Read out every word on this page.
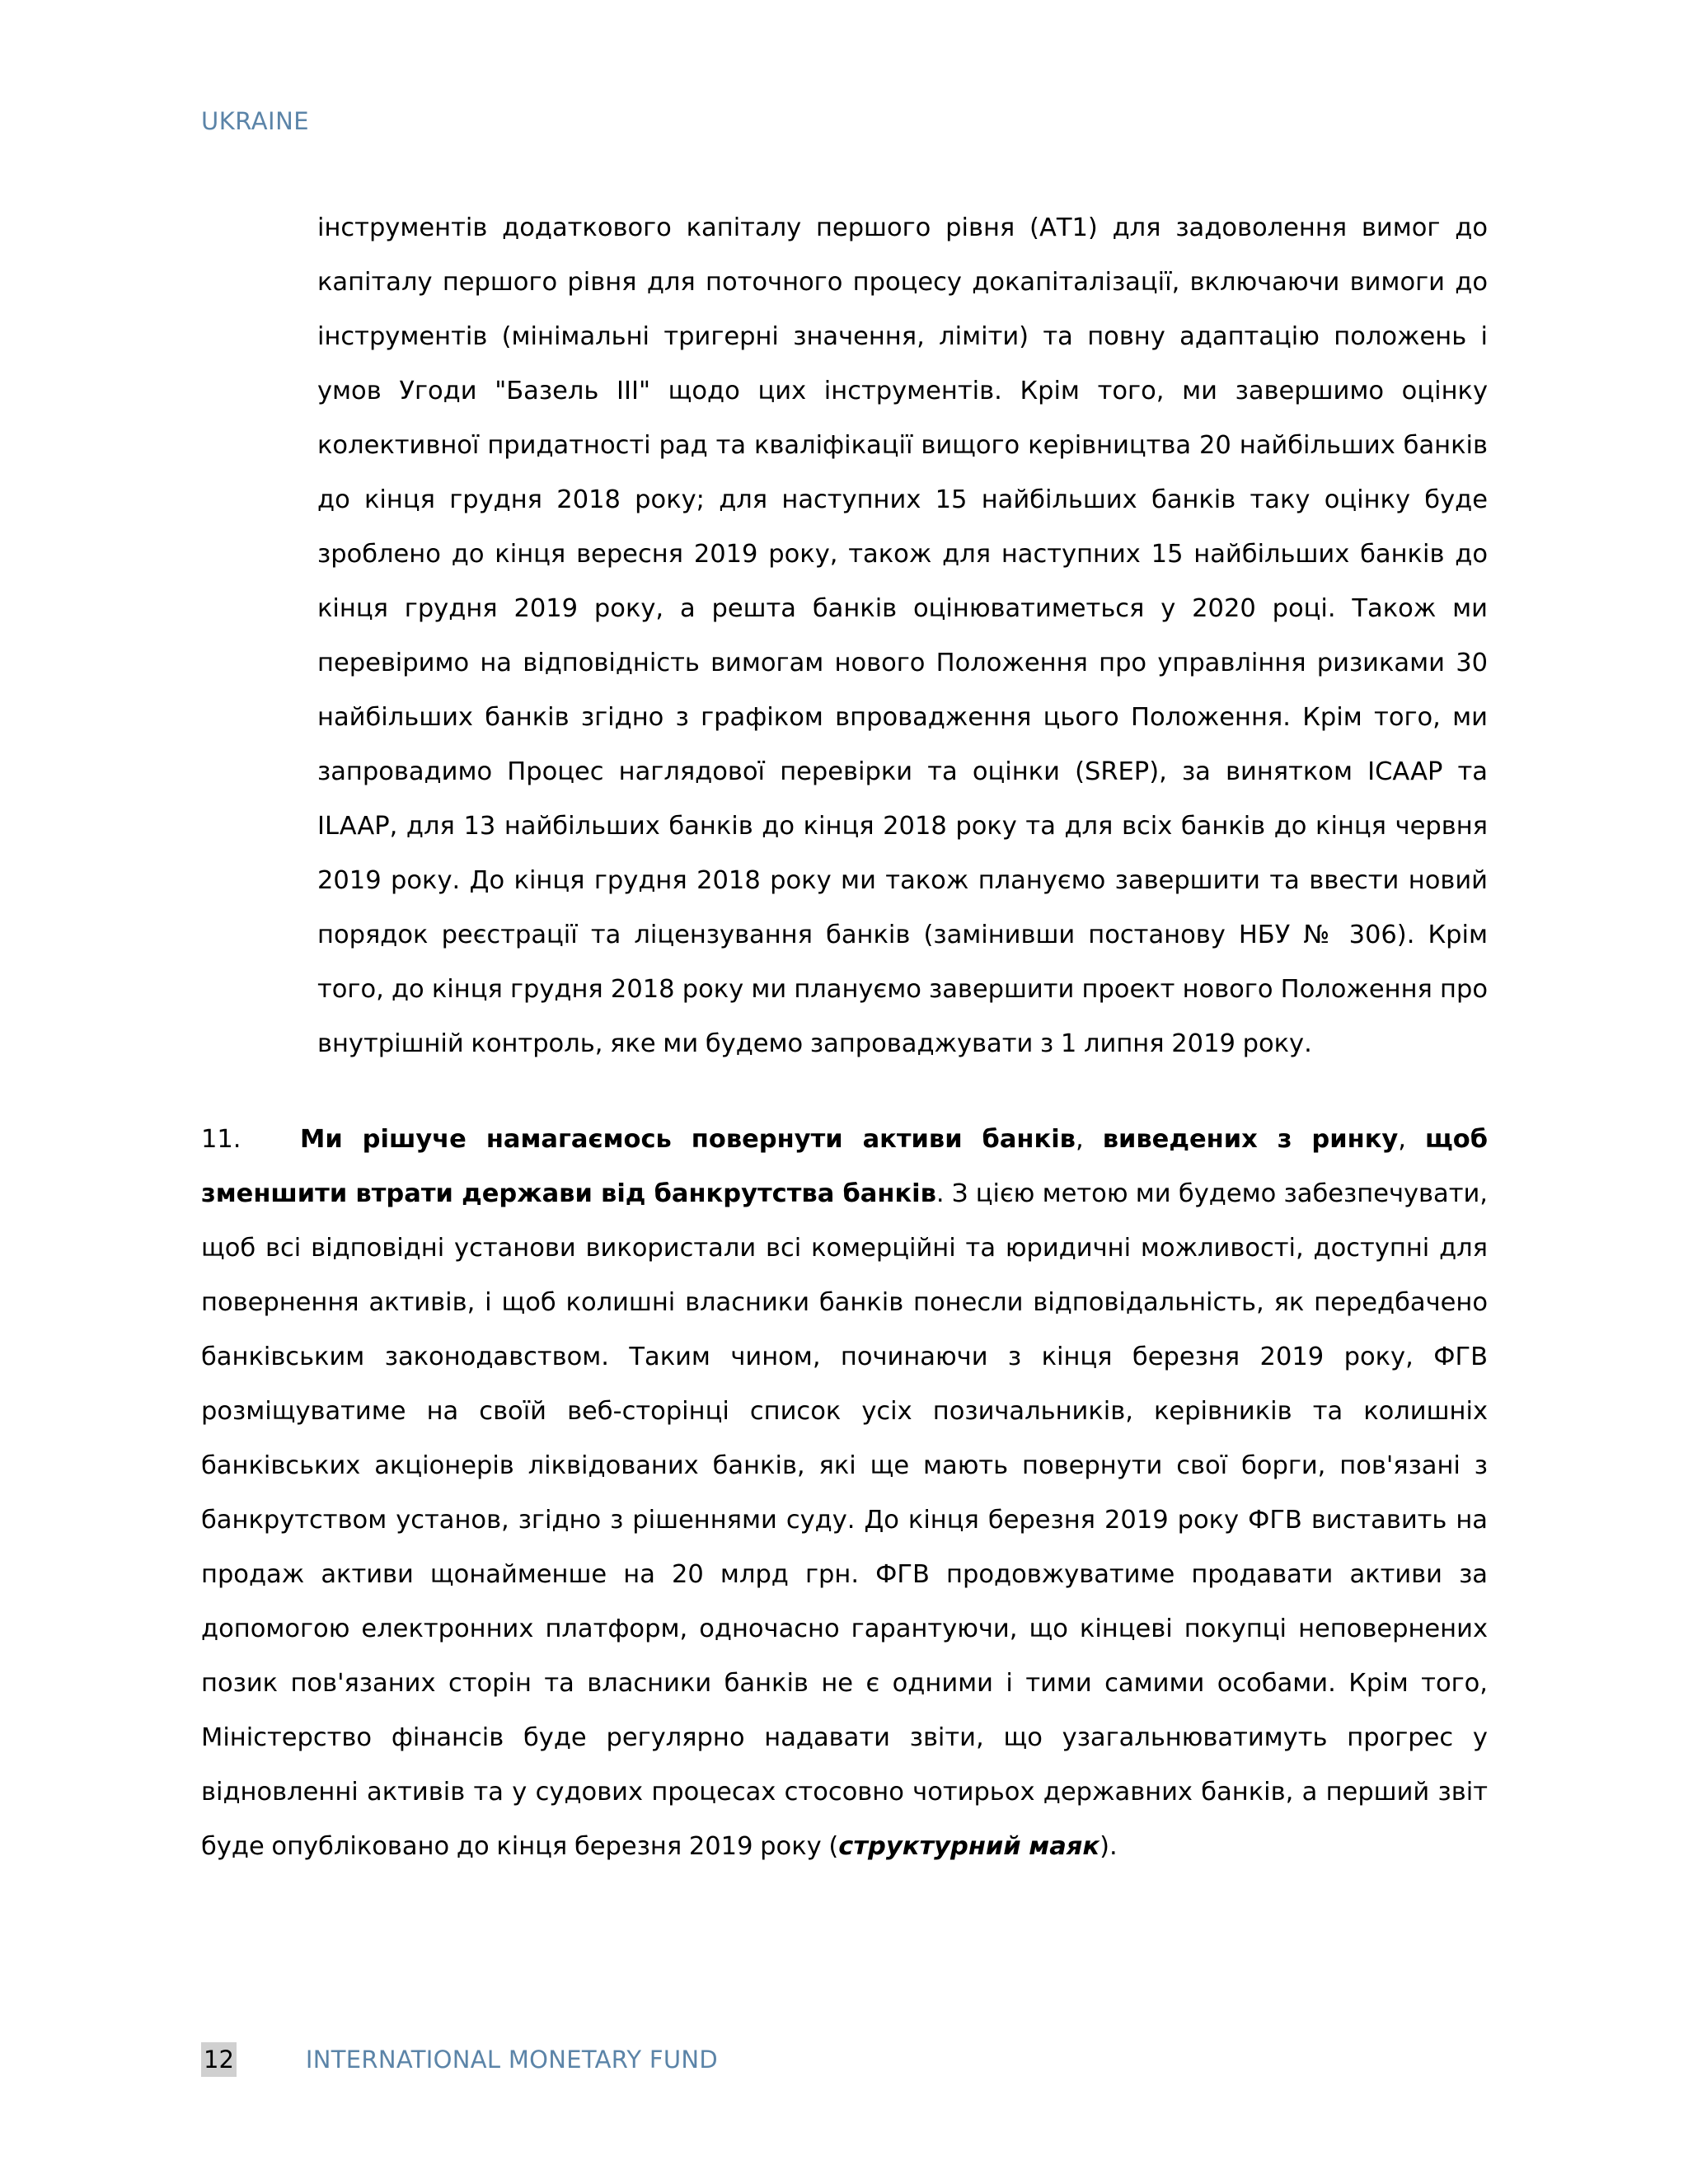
UKRAINE

інструментів додаткового капіталу першого рівня (АТ1) для задоволення вимог до капіталу першого рівня для поточного процесу докапіталізації, включаючи вимоги до інструментів (мінімальні тригерні значення, ліміти) та повну адаптацію положень і умов Угоди "Базель ІІІ" щодо цих інструментів. Крім того, ми завершимо оцінку колективної придатності рад та кваліфікації вищого керівництва 20 найбільших банків до кінця грудня 2018 року; для наступних 15 найбільших банків таку оцінку буде зроблено до кінця вересня 2019 року, також для наступних 15 найбільших банків до кінця грудня 2019 року, а решта банків оцінюватиметься у 2020 році. Також ми перевіримо на відповідність вимогам нового Положення про управління ризиками 30 найбільших банків згідно з графіком впровадження цього Положення. Крім того, ми запровадимо Процес наглядової перевірки та оцінки (SREP), за винятком ICAAP та ILAAP, для 13 найбільших банків до кінця 2018 року та для всіх банків до кінця червня 2019 року. До кінця грудня 2018 року ми також плануємо завершити та ввести новий порядок реєстрації та ліцензування банків (замінивши постанову НБУ № 306). Крім того, до кінця грудня 2018 року ми плануємо завершити проект нового Положення про внутрішній контроль, яке ми будемо запроваджувати з 1 липня 2019 року.

11. Ми рішуче намагаємось повернути активи банків, виведених з ринку, щоб зменшити втрати держави від банкрутства банків. З цією метою ми будемо забезпечувати, щоб всі відповідні установи використали всі комерційні та юридичні можливості, доступні для повернення активів, і щоб колишні власники банків понесли відповідальність, як передбачено банківським законодавством. Таким чином, починаючи з кінця березня 2019 року, ФГВ розміщуватиме на своїй веб-сторінці список усіх позичальників, керівників та колишніх банківських акціонерів ліквідованих банків, які ще мають повернути свої борги, пов'язані з банкрутством установ, згідно з рішеннями суду. До кінця березня 2019 року ФГВ виставить на продаж активи щонайменше на 20 млрд грн. ФГВ продовжуватиме продавати активи за допомогою електронних платформ, одночасно гарантуючи, що кінцеві покупці неповернених позик пов'язаних сторін та власники банків не є одними і тими самими особами. Крім того, Міністерство фінансів буде регулярно надавати звіти, що узагальнюватимуть прогрес у відновленні активів та у судових процесах стосовно чотирьох державних банків, а перший звіт буде опубліковано до кінця березня 2019 року (структурний маяк).

12	INTERNATIONAL MONETARY FUND
